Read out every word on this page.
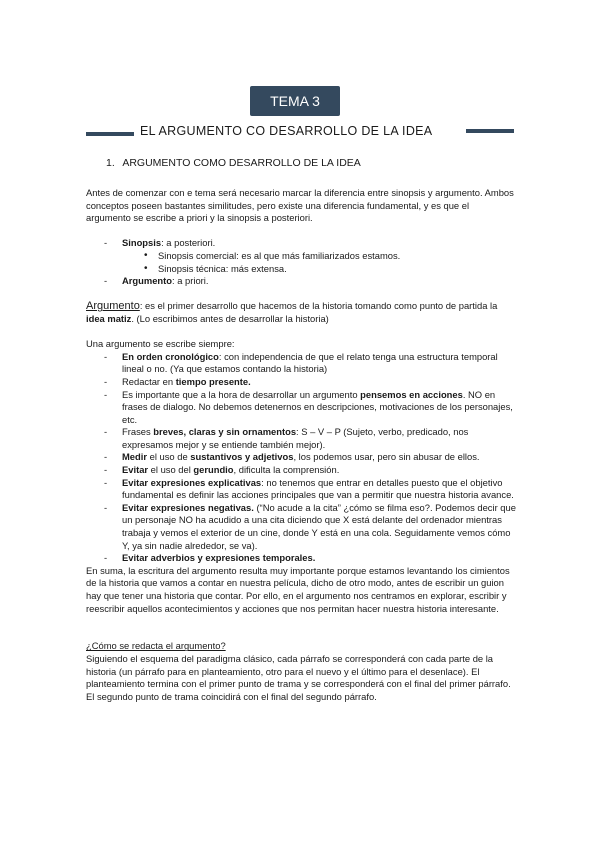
TEMA 3
EL ARGUMENTO CO DESARROLLO DE LA IDEA
1. ARGUMENTO COMO DESARROLLO DE LA IDEA

Antes de comenzar con e tema será necesario marcar la diferencia entre sinopsis y argumento. Ambos conceptos poseen bastantes similitudes, pero existe una diferencia fundamental, y es que el argumento se escribe a priori y la sinopsis a posteriori.

- Sinopsis: a posteriori.
• Sinopsis comercial: es al que más familiarizados estamos.
• Sinopsis técnica: más extensa.
- Argumento: a priori.

Argumento: es el primer desarrollo que hacemos de la historia tomando como punto de partida la idea matiz. (Lo escribimos antes de desarrollar la historia)

Una argumento se escribe siempre:

- En orden cronológico: con independencia de que el relato tenga una estructura temporal lineal o no. (Ya que estamos contando la historia)
- Redactar en tiempo presente.
- Es importante que a la hora de desarrollar un argumento pensemos en acciones. NO en frases de dialogo. No debemos detenernos en descripciones, motivaciones de los personajes, etc.
- Frases breves, claras y sin ornamentos: S – V – P (Sujeto, verbo, predicado, nos expresamos mejor y se entiende también mejor).
- Medir el uso de sustantivos y adjetivos, los podemos usar, pero sin abusar de ellos.
- Evitar el uso del gerundio, dificulta la comprensión.
- Evitar expresiones explicativas: no tenemos que entrar en detalles puesto que el objetivo fundamental es definir las acciones principales que van a permitir que nuestra historia avance.
- Evitar expresiones negativas. (“No acude a la cita” ¿cómo se filma eso?. Podemos decir que un personaje NO ha acudido a una cita diciendo que X está delante del ordenador mientras trabaja y vemos el exterior de un cine, donde Y está en una cola. Seguidamente vemos cómo Y, ya sin nadie alrededor, se va).
- Evitar adverbios y expresiones temporales.

En suma, la escritura del argumento resulta muy importante porque estamos levantando los cimientos de la historia que vamos a contar en nuestra película, dicho de otro modo, antes de escribir un guion hay que tener una historia que contar. Por ello, en el argumento nos centramos en explorar, escribir y reescribir aquellos acontecimientos y acciones que nos permitan hacer nuestra historia interesante.

¿Cómo se redacta el argumento?

Siguiendo el esquema del paradigma clásico, cada párrafo se corresponderá con cada parte de la historia (un párrafo para en planteamiento, otro para el nuevo y el último para el desenlace). El planteamiento termina con el primer punto de trama y se corresponderá con el final del primer párrafo. El segundo punto de trama coincidirá con el final del segundo párrafo.
